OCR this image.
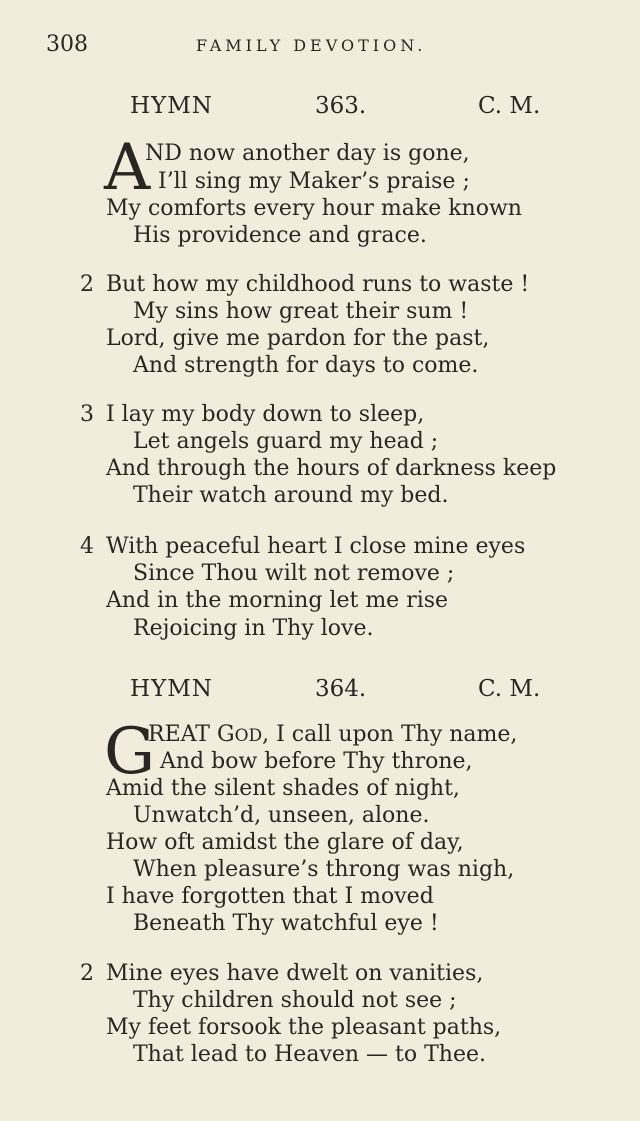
308	FAMILY DEVOTION.
HYMN	363.	C. M.
A
ND now another day is gone,
I’ll sing my Maker’s praise ;
My comforts every hour make known
His providence and grace.
2 But how my childhood runs to waste !
My sins how great their sum !
Lord, give me pardon for the past,
And strength for days to come.
3 I lay my body down to sleep,
Let angels guard my head ;
And through the hours of darkness keep
Their watch around my bed.
4 With peaceful heart I close mine eyes
Since Thou wilt not remove ;
And in the morning let me rise
Rejoicing in Thy love.
HYMN	364.	C. M.
G
REAT GOD, I call upon Thy name,
And bow before Thy throne,
Amid the silent shades of night,
Unwatch’d, unseen, alone.
How oft amidst the glare of day,
When pleasure’s throng was nigh,
I have forgotten that I moved
Beneath Thy watchful eye !
2 Mine eyes have dwelt on vanities,
Thy children should not see ;
My feet forsook the pleasant paths,
That lead to Heaven — to Thee.
